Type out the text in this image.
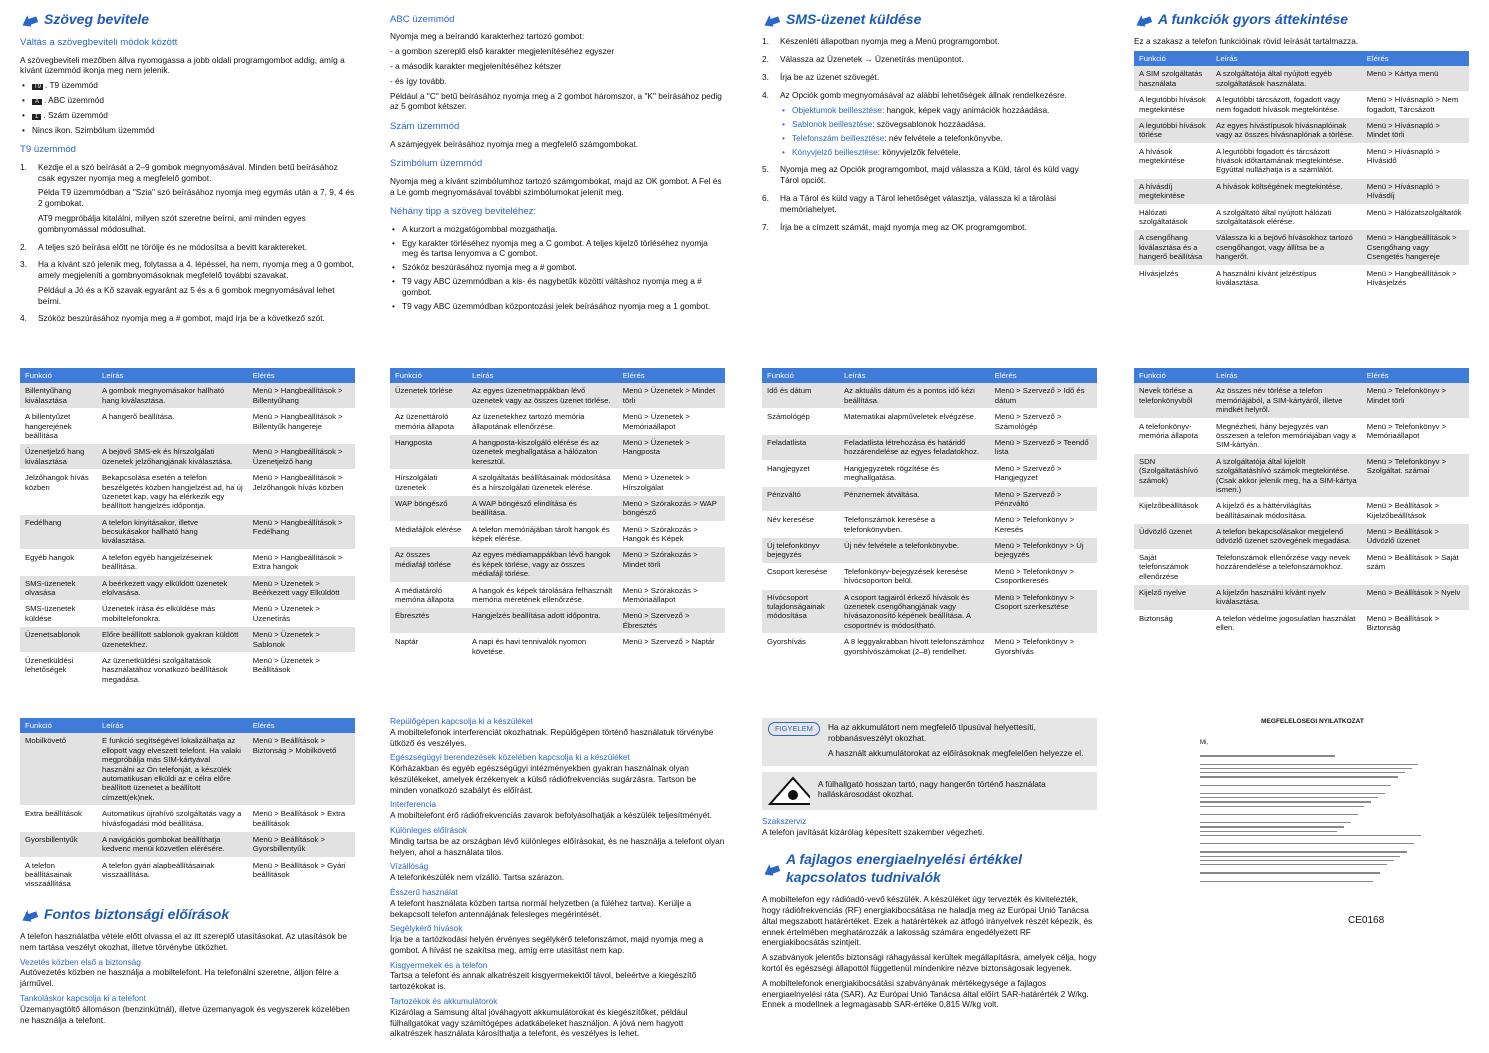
Szöveg bevitele
Váltás a szövegbeviteli módok között

A szövegbeviteli mezőben állva nyomogassa a jobb oldali programgombot addig, amíg a kívánt üzemmód ikonja meg nem jelenik.

• T9 . T9 üzemmód
• A . ABC üzemmód
• 1 . Szám üzemmód
• Nincs ikon. Szimbólum üzemmód
T9 üzemmód
1. Kezdje el a szó beírását a 2–9 gombok megnyomásával. Minden betű beírásához csak egyszer nyomja meg a megfelelő gombot.

Példa T9 üzemmódban a "Szia" szó beírásához nyomja meg egymás után a 7, 9, 4 és 2 gombokat.

AT9 megpróbálja kitalálni, milyen szót szeretne beírni, ami minden egyes gombnyomással módosulhat.

2. A teljes szó beírása előtt ne törölje és ne módosítsa a bevitt karaktereket.
3. Ha a kívánt szó jelenik meg, folytassa a 4. lépéssel, ha nem, nyomja meg a 0 gombot, amely megjeleníti a gombnyomásoknak megfelelő további szavakat.

Például a Jó és a Kő szavak egyaránt az 5 és a 6 gombok megnyomásával lehet beírni.

4. Szóköz beszúrásához nyomja meg a # gombot, majd írja be a következő szót.
ABC üzemmód

Nyomja meg a beírandó karakterhez tartozó gombot:

- a gombon szereplő első karakter megjelenítéséhez egyszer

- a második karakter megjelenítéséhez kétszer

- és így tovább.

Például a "C" betű beírásához nyomja meg a 2 gombot háromszor, a "K" beírásához pedig az 5 gombot kétszer.

Szám üzemmód

A számjegyek beírásához nyomja meg a megfelelő számgombokat.

Szimbólum üzemmód

Nyomja meg a kívánt szimbólumhoz tartozó számgombokat, majd az OK gombot. A Fel és a Le gomb megnyomásával további szimbólumokat jelenít meg.

Néhány tipp a szöveg beviteléhez:
• A kurzort a mozgatógombbal mozgathatja.
• Egy karakter törléséhez nyomja meg a C gombot. A teljes kijelző törléséhez nyomja meg és tartsa lenyomva a C gombot.
• Szóköz beszúrásához nyomja meg a # gombot.
• T9 vagy ABC üzemmódban a kis- és nagybetűk közötti váltáshoz nyomja meg a # gombot.
• T9 vagy ABC üzemmódban központozási jelek beírásához nyomja meg a 1 gombot.
SMS-üzenet küldése
1. Készenléti állapotban nyomja meg a Menü programgombot.
2. Válassza az Üzenetek → Üzenetírás menüpontot.
3. Írja be az üzenet szövegét.
4. Az Opciók gomb megnyomásával az alábbi lehetőségek állnak rendelkezésre.
• Objektumok beillesztése: hangok, képek vagy animációk hozzáadása.
• Sablonok beillesztése: szövegsablonok hozzáadása.
• Telefonszám beillesztése: név felvétele a telefonkönyvbe.
• Könyvjelző beillesztése: könyvjelzők felvétele.
5. Nyomja meg az Opciók programgombot, majd válassza a Küld, tárol és küld vagy Tárol opciót.
6. Ha a Tárol és küld vagy a Tárol lehetőséget választja, válassza ki a tárolási memóriahelyet.
7. Írja be a címzett számát, majd nyomja meg az OK programgombot.
A funkciók gyors áttekintése

Ez a szakasz a telefon funkcióinak rövid leírását tartalmazza.

Funkció	Leírás	Elérés
A SIM szolgáltatás használata	A szolgáltatója által nyújtott egyéb szolgáltatások használata.	Menü > Kártya menü
A legutóbbi hívások megtekintése	A legutóbbi tárcsázott, fogadott vagy nem fogadott hívások megtekintése.	Menü > Hívásnapló > Nem fogadott, Tárcsázott
A legutóbbi hívások törlése	Az egyes hívástípusok hívásnaplóinak vagy az összes hívásnaplónak a törlése.	Menü > Hívásnapló > Mindet törli
A hívások megtekintése	A legutóbbi fogadott és tárcsázott hívások időtartamának megtekintése. Egyúttal nullázhatja is a számlálót.	Menü > Hívásnapló > Hívásidő
A hívásdíj megtekintése	A hívások költségének megtekintése.	Menü > Hívásnapló > Hívásdíj
Hálózati szolgáltatások	A szolgáltató által nyújtott hálózati szolgáltatások elérése.	Menü > Hálózatszolgáltatók
A csengőhang kiválasztása és a hangerő beállítása	Válassza ki a bejövő hívásokhoz tartozó csengőhangot, vagy állítsa be a hangerőt.	Menü > Hangbeállítások > Csengőhang vagy Csengetés hangereje
Hívásjelzés	A használni kívánt jelzéstípus kiválasztása.	Menü > Hangbeállítások > Hívásjelzés
Funkció	Leírás	Elérés
Billentyűhang kiválasztása	A gombok megnyomásakor hallható hang kiválasztása.	Menü > Hangbeállítások > Billentyűhang
A billentyűzet hangerejének beállítása	A hangerő beállítása.	Menü > Hangbeállítások > Billentyűk hangereje
Üzenetjelző hang kiválasztása	A bejövő SMS-ek és hírszolgálati üzenetek jelzőhangjának kiválasztása.	Menü > Hangbeállítások > Üzenetjelző hang
Jelzőhangok hívás közben	Bekapcsolása esetén a telefon beszélgetés közben hangjelzést ad, ha új üzenetet kap, vagy ha elérkezik egy beállított hangjelzés időpontja.	Menü > Hangbeállítások > Jelzőhangok hívás közben
Fedélhang	A telefon kinyitásakor, illetve becsukásakor hallható hang kiválasztása.	Menü > Hangbeállítások > Fedélhang
Egyéb hangok	A telefon egyéb hangjelzéseinek beállítása.	Menü > Hangbeállítások > Extra hangok
SMS-üzenetek olvasása	A beérkezett vagy elküldött üzenetek elolvasása.	Menü > Üzenetek > Beérkezett vagy Elküldött
SMS-üzenetek küldése	Üzenetek írása és elküldése más mobiltelefonokra.	Menü > Üzenetek > Üzenetírás
Üzenetsablonok	Előre beállított sablonok gyakran küldött üzenetekhez.	Menü > Üzenetek > Sablonok
Üzenetküldési lehetőségek	Az üzenetküldési szolgáltatások használatához vonatkozó beállítások megadása.	Menü > Üzenetek > Beállítások
Funkció	Leírás	Elérés
Üzenetek törlése	Az egyes üzenetmappákban lévő üzenetek vagy az összes üzenet törlése.	Menü > Üzenetek > Mindet törli
Az üzenettároló memória állapota	Az üzenetekhez tartozó memória állapotának ellenőrzése.	Menü > Üzenetek > Memóriaállapot
Hangposta	A hangposta-kiszolgáló elérése és az üzenetek meghallgatása a hálózaton keresztül.	Menü > Üzenetek > Hangposta
Hírszolgálati üzenetek	A szolgáltatás beállításainak módosítása és a hírszolgálati üzenetek elérése.	Menü > Üzenetek > Hírszolgálat
WAP böngésző	A WAP böngésző elindítása és beállítása.	Menü > Szórakozás > WAP böngésző
Médiafájlok elérése	A telefon memóriájában tárolt hangok és képek elérése.	Menü > Szórakozás > Hangok és Képek
Az összes médiafájl törlése	Az egyes médiamappákban lévő hangok és képek törlése, vagy az összes médiafájl törlése.	Menü > Szórakozás > Mindet törli
A médiatároló memória állapota	A hangok és képek tárolására felhasznált memória méretének ellenőrzése.	Menü > Szórakozás > Memóriaállapot
Ébresztés	Hangjelzés beállítása adott időpontra.	Menü > Szervező > Ébresztés
Naptár	A napi és havi tennivalók nyomon követése.	Menü > Szervező > Naptár
Funkció	Leírás	Elérés
Idő és dátum	Az aktuális dátum és a pontos idő kézi beállítása.	Menü > Szervező > Idő és dátum
Számológép	Matematikai alapműveletek elvégzése.	Menü > Szervező > Számológép
Feladatlista	Feladatlista létrehozása és határidő hozzárendelése az egyes feladatokhoz.	Menü > Szervező > Teendő lista
Hangjegyzet	Hangjegyzetek rögzítése és meghallgatása.	Menü > Szervező > Hangjegyzet
Pénzváltó	Pénznemek átváltása.	Menü > Szervező > Pénzváltó
Név keresése	Telefonszámok keresése a telefonkönyvben.	Menü > Telefonkönyv > Keresés
Új telefonkönyv bejegyzés	Új név felvétele a telefonkönyvbe.	Menü > Telefonkönyv > Új bejegyzés
Csoport keresése	Telefonkönyv-bejegyzések keresése hívócsoporton belül.	Menü > Telefonkönyv > Csoportkeresés
Hívócsoport tulajdonságainak módosítása	A csoport tagjairól érkező hívások és üzenetek csengőhangjának vagy hívásazonosító képének beállítása. A csoportnév is módosítható.	Menü > Telefonkönyv > Csoport szerkesztése
Gyorshívás	A 8 leggyakrabban hívott telefonszámhoz gyorshívószámokat (2–8) rendelhet.	Menü > Telefonkönyv > Gyorshívás
Funkció	Leírás	Elérés
Nevek törlése a telefonkönyvből	Az összes név törlése a telefon memóriájából, a SIM-kártyáról, illetve mindkét helyről.	Menü > Telefonkönyv > Mindet törli
A telefonkönyv-memória állapota	Megnézheti, hány bejegyzés van összesen a telefon memóriájában vagy a SIM-kártyán.	Menü > Telefonkönyv > Memóriaállapot
SDN (Szolgáltatáshívó számok)	A szolgáltatója által kijelölt szolgáltatáshívó számok megtekintése. (Csak akkor jelenik meg, ha a SIM-kártya ismeri.)	Menü > Telefonkönyv > Szolgáltat. számai
Kijelzőbeállítások	A kijelző és a háttérvilágítás beállításainak módosítása.	Menü > Beállítások > Kijelzőbeállítások
Üdvözlő üzenet	A telefon bekapcsolásakor megjelenő üdvözlő üzenet szövegének megadása.	Menü > Beállítások > Üdvözlő üzenet
Saját telefonszámok ellenőrzése	Telefonszámok ellenőrzése vagy nevek hozzárendelése a telefonszámokhoz.	Menü > Beállítások > Saját szám
Kijelző nyelve	A kijelzőn használni kívánt nyelv kiválasztása.	Menü > Beállítások > Nyelv
Biztonság	A telefon védelme jogosulatlan használat ellen.	Menü > Beállítások > Biztonság
Funkció	Leírás	Elérés
Mobilkövető	E funkció segítségével lokalizálhatja az ellopott vagy elveszett telefont. Ha valaki megpróbálja más SIM-kártyával használni az Ön telefonját, a készülék automatikusan elküldi az e célra előre beállított üzenetet a beállított címzett(ek)nek.	Menü > Beállítások > Biztonság > Mobilkövető
Extra beállítások	Automatikus újrahívó szolgáltatás vagy a hívásfogadási mód beállítása.	Menü > Beállítások > Extra beállítások
Gyorsbillentyűk	A navigációs gombokat beállíthatja kedvenc menüi közvetlen elérésére.	Menü > Beállítások > Gyorsbillentyűk
A telefon beállításainak visszaállítása	A telefon gyári alapbeállításainak visszaállítása.	Menü > Beállítások > Gyári beállítások
Fontos biztonsági előírások

A telefon használatba vétele előtt olvassa el az itt szereplő utasításokat. Az utasítások be nem tartása veszélyt okozhat, illetve törvénybe ütközhet.

Vezetés közben első a biztonság

Autóvezetés közben ne használja a mobiltelefont. Ha telefonálni szeretne, álljon félre a járművel.

Tankoláskor kapcsolja ki a telefont

Üzemanyagtöltő állomáson (benzinkútnál), illetve üzemanyagok és vegyszerek közelében ne használja a telefont.

Repülőgépen kapcsolja ki a készüléket

A mobiltelefonok interferenciát okozhatnak. Repülőgépen történő használatuk törvénybe ütköző és veszélyes.

Egészségügyi berendezések közelében kapcsolja ki a készüléket

Kórházakban és egyéb egészségügyi intézményekben gyakran használnak olyan készülékeket, amelyek érzékenyek a külső rádiófrekvenciás sugárzásra. Tartson be minden vonatkozó szabályt és előírást.

Interferencia

A mobiltelefont érő rádiófrekvenciás zavarok befolyásolhatják a készülék teljesítményét.

Különleges előírások

Mindig tartsa be az országban lévő különleges előírásokat, és ne használja a telefont olyan helyen, ahol a használata tilos.

Vízállóság

A telefonkészülék nem vízálló. Tartsa szárazon.

Ésszerű használat

A telefont használata közben tartsa normál helyzetben (a füléhez tartva). Kerülje a bekapcsolt telefon antennájának felesleges megérintését.

Segélykérő hívások

Írja be a tartózkodási helyén érvényes segélykérő telefonszámot, majd nyomja meg a gombot. A hívást ne szakítsa meg, amíg erre utasítást nem kap.

Kisgyermekek és a telefon

Tartsa a telefont és annak alkatrészeit kisgyermekektől távol, beleértve a kiegészítő tartozékokat is.

Tartozékok és akkumulátorok

Kizárólag a Samsung által jóváhagyott akkumulátorokat és kiegészítőket, például fülhallgatókat vagy számítógépes adatkábeleket használjon. A jóvá nem hagyott alkatrészek használata károsíthatja a telefont, és veszélyes is lehet.

FIGYELEM	Ha az akkumulátort nem megfelelő típusúval helyettesíti, robbanásveszélyt okozhat.

A használt akkumulátorokat az előírásoknak megfelelően helyezze el.

A fülhallgató hosszan tartó, nagy hangerőn történő használata halláskárosodást okozhat.

Szakszerviz

A telefon javítását kizárólag képesített szakember végezheti.

A fajlagos energiaelnyelési értékkel kapcsolatos tudnivalók

A mobiltelefon egy rádióadó-vevő készülék. A készüléket úgy tervezték és kivitelezték, hogy rádiófrekvenciás (RF) energiakibocsátása ne haladja meg az Európai Unió Tanácsa által megszabott határértéket. Ezek a határértékek az átfogó irányelvek részét képezik, és ennek értelmében meghatározzák a lakosság számára engedélyezett RF energiakibocsátás szintjeit.

A szabványok jelentős biztonsági ráhagyással kerültek megállapításra, amelyek célja, hogy kortól és egészségi állapottól függetlenül mindenkire nézve biztonságosak legyenek.

A mobiltelefonok energiakibocsátási szabványának mértékegysége a fajlagos energiaelnyelési ráta (SAR). Az Európai Unió Tanácsa által előírt SAR-határérték 2 W/kg. Ennek a modellnek a legmagasabb SAR-értéke 0,815 W/kg volt.

MEGFELELŐSÉGI NYILATKOZAT
Mi,
CE0168
